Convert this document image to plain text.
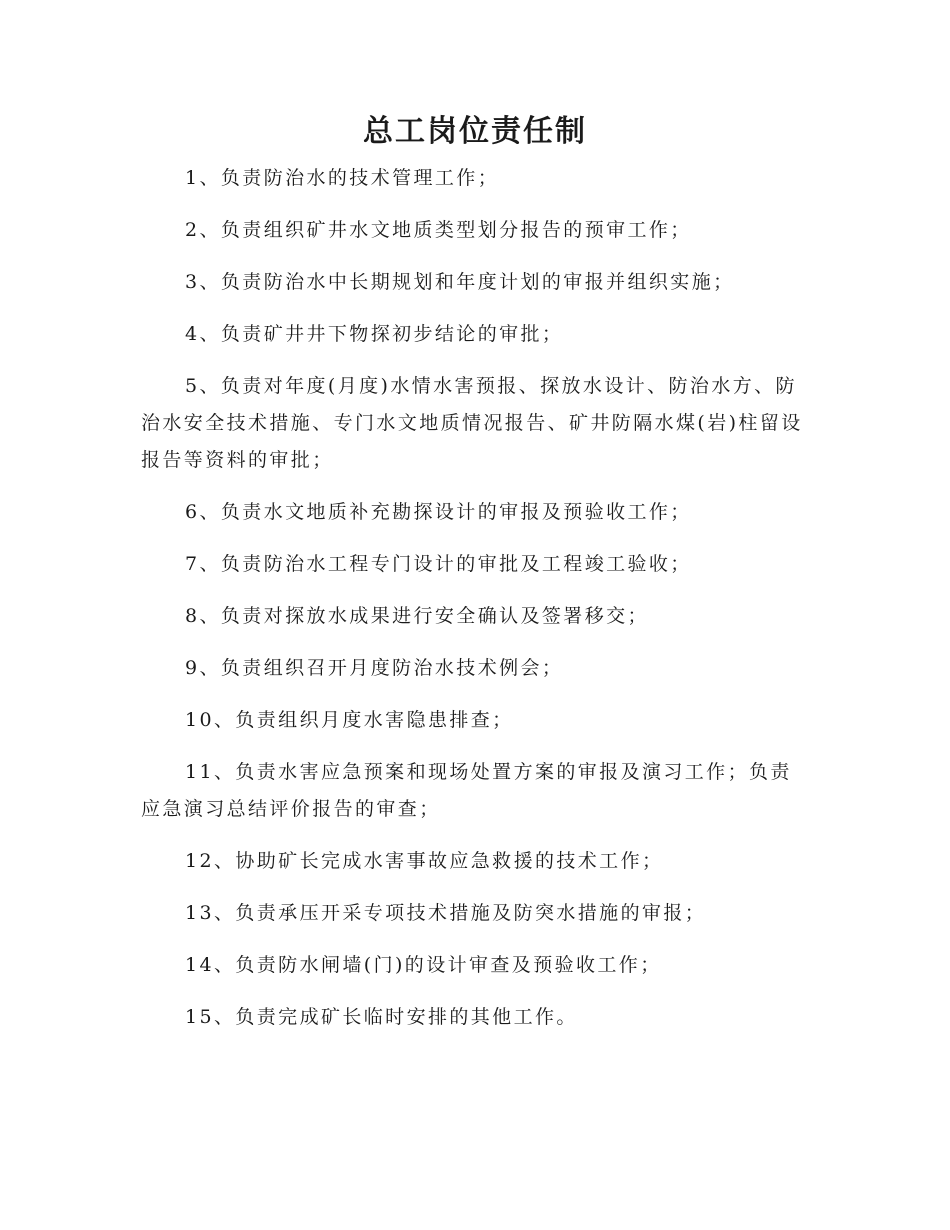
总工岗位责任制

1、负责防治水的技术管理工作；

2、负责组织矿井水文地质类型划分报告的预审工作；

3、负责防治水中长期规划和年度计划的审报并组织实施；

4、负责矿井井下物探初步结论的审批；

5、负责对年度(月度)水情水害预报、探放水设计、防治水方、防治水安全技术措施、专门水文地质情况报告、矿井防隔水煤(岩)柱留设报告等资料的审批；

6、负责水文地质补充勘探设计的审报及预验收工作；

7、负责防治水工程专门设计的审批及工程竣工验收；

8、负责对探放水成果进行安全确认及签署移交；

9、负责组织召开月度防治水技术例会；

10、负责组织月度水害隐患排查；

11、负责水害应急预案和现场处置方案的审报及演习工作；负责应急演习总结评价报告的审查；

12、协助矿长完成水害事故应急救援的技术工作；

13、负责承压开采专项技术措施及防突水措施的审报；

14、负责防水闸墙(门)的设计审查及预验收工作；

15、负责完成矿长临时安排的其他工作。
